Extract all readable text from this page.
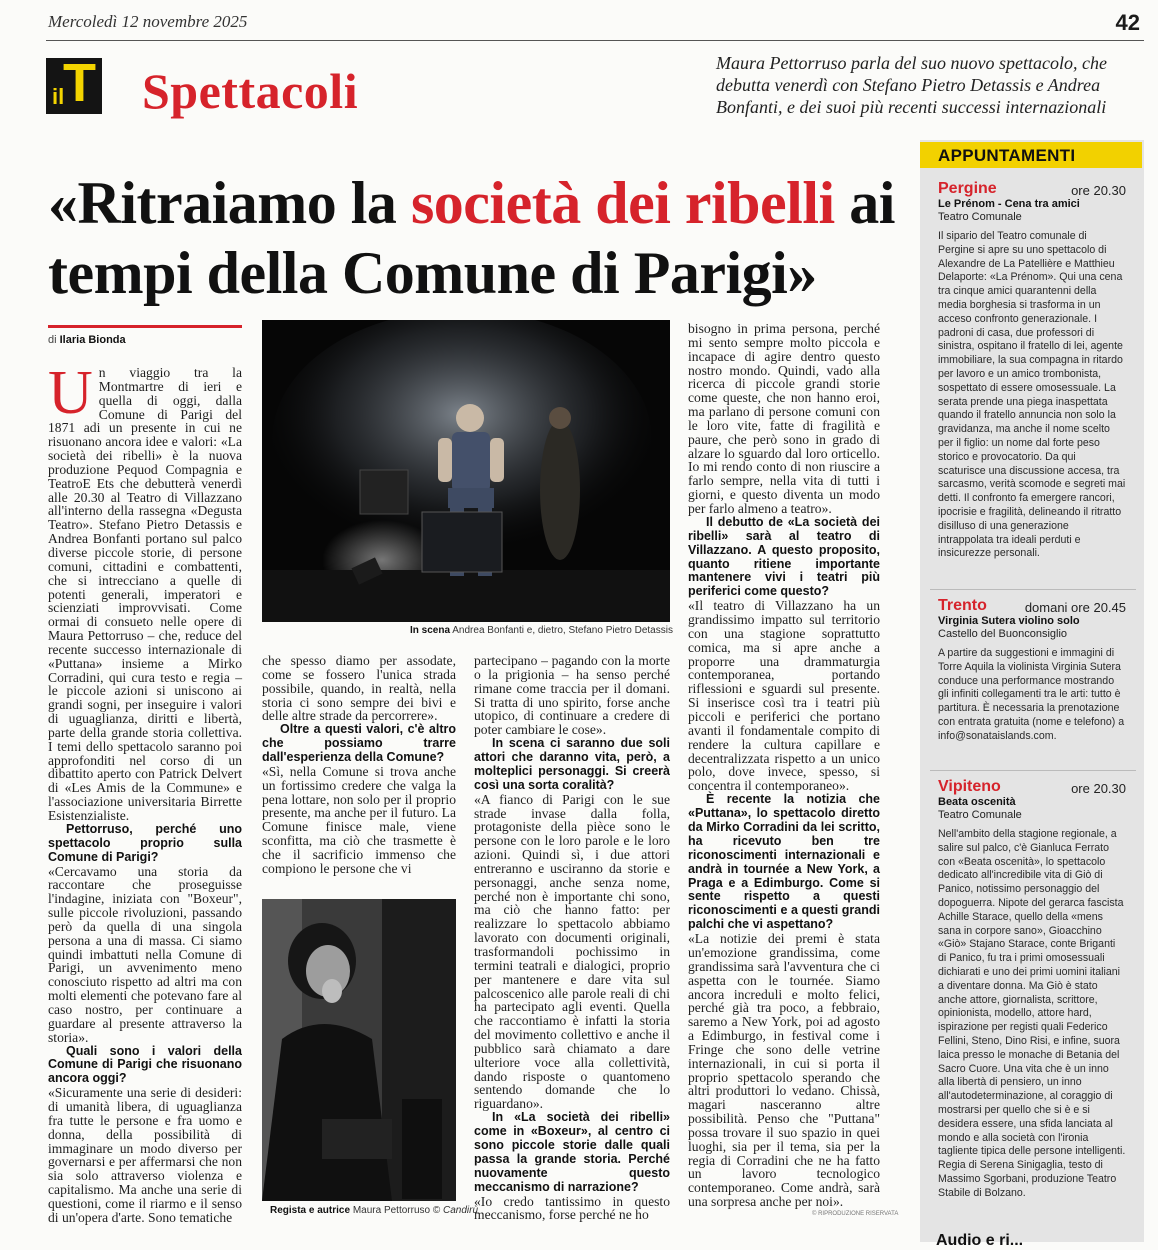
Mercoledì 12 novembre 2025	42
T
il Spettacoli	Maura Pettorruso parla del suo nuovo spettacolo, che debutta venerdì con Stefano Pietro Detassis e Andrea Bonfanti, e dei suoi più recenti successi internazionali
«Ritraiamo la società dei ribelli ai tempi della Comune di Parigi»
di Ilaria Bionda

Un viaggio tra la Montmartre di ieri e quella di oggi, dalla Comune di Parigi del 1871 adi un presente in cui ne risuonano ancora idee e valori: «La società dei ribelli» è la nuova produzione Pequod Compagnia e TeatroE Ets che debutterà venerdì alle 20.30 al Teatro di Villazzano all'interno della rassegna «Degusta Teatro». Stefano Pietro Detassis e Andrea Bonfanti portano sul palco diverse piccole storie, di persone comuni, cittadini e combattenti, che si intrecciano a quelle di potenti generali, imperatori e scienziati improvvisati. Come ormai di consueto nelle opere di Maura Pettorruso – che, reduce del recente successo internazionale di «Puttana» insieme a Mirko Corradini, qui cura testo e regia – le piccole azioni si uniscono ai grandi sogni, per inseguire i valori di uguaglianza, diritti e libertà, parte della grande storia collettiva. I temi dello spettacolo saranno poi approfonditi nel corso di un dibattito aperto con Patrick Delvert di «Les Amis de la Commune» e l'associazione universitaria Birrette Esistenzialiste.

Pettorruso, perché uno spettacolo proprio sulla Comune di Parigi?

«Cercavamo una storia da raccontare che proseguisse l'indagine, iniziata con "Boxeur", sulle piccole rivoluzioni, passando però da quella di una singola persona a una di massa. Ci siamo quindi imbattuti nella Comune di Parigi, un avvenimento meno conosciuto rispetto ad altri ma con molti elementi che potevano fare al caso nostro, per continuare a guardare al presente attraverso la storia».

Quali sono i valori della Comune di Parigi che risuonano ancora oggi?

«Sicuramente una serie di desideri: di umanità libera, di uguaglianza fra tutte le persone e fra uomo e donna, della possibilità di immaginare un modo diverso per governarsi e per affermarsi che non sia solo attraverso violenza e capitalismo. Ma anche una serie di questioni, come il riarmo e il senso di un'opera d'arte. Sono tematiche

che spesso diamo per assodate, come se fossero l'unica strada possibile, quando, in realtà, nella storia ci sono sempre dei bivi e delle altre strade da percorrere».

Oltre a questi valori, c'è altro che possiamo trarre dall'esperienza della Comune?

«Sì, nella Comune si trova anche un fortissimo credere che valga la pena lottare, non solo per il proprio presente, ma anche per il futuro. La Comune finisce male, viene sconfitta, ma ciò che trasmette è che il sacrificio immenso che compiono le persone che vi

partecipano – pagando con la morte o la prigionia – ha senso perché rimane come traccia per il domani. Si tratta di uno spirito, forse anche utopico, di continuare a credere di poter cambiare le cose».

In scena ci saranno due soli attori che daranno vita, però, a molteplici personaggi. Si creerà così una sorta coralità?

«A fianco di Parigi con le sue strade invase dalla folla, protagoniste della pièce sono le persone con le loro parole e le loro azioni. Quindi sì, i due attori entreranno e usciranno da storie e personaggi, anche senza nome, perché non è importante chi sono, ma ciò che hanno fatto: per realizzare lo spettacolo abbiamo lavorato con documenti originali, trasformandoli pochissimo in termini teatrali e dialogici, proprio per mantenere e dare vita sul palcoscenico alle parole reali di chi ha partecipato agli eventi. Quella che raccontiamo è infatti la storia del movimento collettivo e anche il pubblico sarà chiamato a dare ulteriore voce alla collettività, dando risposte o quantomeno sentendo domande che lo riguardano».

In «La società dei ribelli» come in «Boxeur», al centro ci sono piccole storie dalle quali passa la grande storia. Perché nuovamente questo meccanismo di narrazione?

«Io credo tantissimo in questo meccanismo, forse perché ne ho

bisogno in prima persona, perché mi sento sempre molto piccola e incapace di agire dentro questo nostro mondo. Quindi, vado alla ricerca di piccole grandi storie come queste, che non hanno eroi, ma parlano di persone comuni con le loro vite, fatte di fragilità e paure, che però sono in grado di alzare lo sguardo dal loro orticello. Io mi rendo conto di non riuscire a farlo sempre, nella vita di tutti i giorni, e questo diventa un modo per farlo almeno a teatro».

Il debutto de «La società dei ribelli» sarà al teatro di Villazzano. A questo proposito, quanto ritiene importante mantenere vivi i teatri più periferici come questo?

«Il teatro di Villazzano ha un grandissimo impatto sul territorio con una stagione soprattutto comica, ma si apre anche a proporre una drammaturgia contemporanea, portando riflessioni e sguardi sul presente. Si inserisce così tra i teatri più piccoli e periferici che portano avanti il fondamentale compito di rendere la cultura capillare e decentralizzata rispetto a un unico polo, dove invece, spesso, si concentra il contemporaneo».

È recente la notizia che «Puttana», lo spettacolo diretto da Mirko Corradini da lei scritto, ha ricevuto ben tre riconoscimenti internazionali e andrà in tournée a New York, a Praga e a Edimburgo. Come si sente rispetto a questi riconoscimenti e a questi grandi palchi che vi aspettano?

«La notizie dei premi è stata un'emozione grandissima, come grandissima sarà l'avventura che ci aspetta con le tournée. Siamo ancora increduli e molto felici, perché già tra poco, a febbraio, saremo a New York, poi ad agosto a Edimburgo, in festival come i Fringe che sono delle vetrine internazionali, in cui si porta il proprio spettacolo sperando che altri produttori lo vedano. Chissà, magari nasceranno altre possibilità. Penso che "Puttana" possa trovare il suo spazio in quei luoghi, sia per il tema, sia per la regia di Corradini che ne ha fatto un lavoro tecnologico contemporaneo. Come andrà, sarà una sorpresa anche per noi».

In scena Andrea Bonfanti e, dietro, Stefano Pietro Detassis
Regista e autrice Maura Pettorruso © Candirù	© RIPRODUZIONE RISERVATA
APPUNTAMENTI
Pergine	ore 20.30
Le Prénom - Cena tra amici
Teatro Comunale
Il sipario del Teatro comunale di Pergine si apre su uno spettacolo di Alexandre de La Patellière e Matthieu Delaporte: «La Prénom». Qui una cena tra cinque amici quarantenni della media borghesia si trasforma in un acceso confronto generazionale. I padroni di casa, due professori di sinistra, ospitano il fratello di lei, agente immobiliare, la sua compagna in ritardo per lavoro e un amico trombonista, sospettato di essere omosessuale. La serata prende una piega inaspettata quando il fratello annuncia non solo la gravidanza, ma anche il nome scelto per il figlio: un nome dal forte peso storico e provocatorio. Da qui scaturisce una discussione accesa, tra sarcasmo, verità scomode e segreti mai detti. Il confronto fa emergere rancori, ipocrisie e fragilità, delineando il ritratto disilluso di una generazione intrappolata tra ideali perduti e insicurezze personali.
Trento	domani ore 20.45
Virginia Sutera violino solo
Castello del Buonconsiglio
A partire da suggestioni e immagini di Torre Aquila la violinista Virginia Sutera conduce una performance mostrando gli infiniti collegamenti tra le arti: tutto è partitura. È necessaria la prenotazione con entrata gratuita (nome e telefono) a info@sonataislands.com.
Vipiteno	ore 20.30
Beata oscenità
Teatro Comunale
Nell'ambito della stagione regionale, a salire sul palco, c'è Gianluca Ferrato con «Beata oscenità», lo spettacolo dedicato all'incredibile vita di Giò di Panico, notissimo personaggio del dopoguerra. Nipote del gerarca fascista Achille Starace, quello della «mens sana in corpore sano», Gioacchino «Giò» Stajano Starace, conte Briganti di Panico, fu tra i primi omosessuali dichiarati e uno dei primi uomini italiani a diventare donna. Ma Giò è stato anche attore, giornalista, scrittore, opinionista, modello, attore hard, ispirazione per registi quali Federico Fellini, Steno, Dino Risi, e infine, suora laica presso le monache di Betania del Sacro Cuore. Una vita che è un inno alla libertà di pensiero, un inno all'autodeterminazione, al coraggio di mostrarsi per quello che si è e si desidera essere, una sfida lanciata al mondo e alla società con l'ironia tagliente tipica delle persone intelligenti. Regia di Serena Sinigaglia, testo di Massimo Sgorbani, produzione Teatro Stabile di Bolzano.
Audio e ri...
